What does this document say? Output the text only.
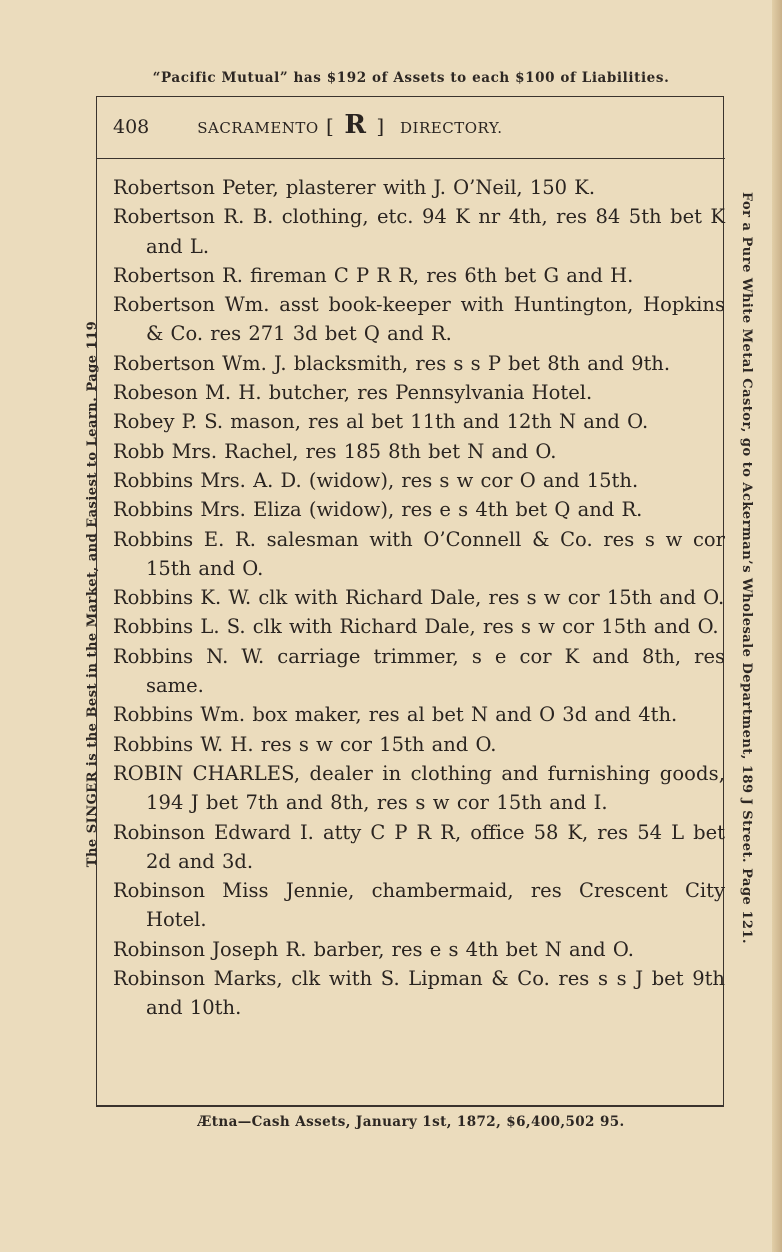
“Pacific Mutual” has $192 of Assets to each $100 of Liabilities.
The SINGER is the Best in the Market, and Easiest to Learn. Page 119	For a Pure White Metal Castor, go to Ackerman’s Wholesale Department, 189 J Street. Page 121.
408	SACRAMENTO [ R ] DIRECTORY.
Robertson Peter, plasterer with J. O’Neil, 150 K.
Robertson R. B. clothing, etc. 94 K nr 4th, res 84 5th bet K and L.
Robertson R. fireman C P R R, res 6th bet G and H.
Robertson Wm. asst book-keeper with Huntington, Hopkins & Co. res 271 3d bet Q and R.
Robertson Wm. J. blacksmith, res s s P bet 8th and 9th.
Robeson M. H. butcher, res Pennsylvania Hotel.
Robey P. S. mason, res al bet 11th and 12th N and O.
Robb Mrs. Rachel, res 185 8th bet N and O.
Robbins Mrs. A. D. (widow), res s w cor O and 15th.
Robbins Mrs. Eliza (widow), res e s 4th bet Q and R.
Robbins E. R. salesman with O’Connell & Co. res s w cor 15th and O.
Robbins K. W. clk with Richard Dale, res s w cor 15th and O.
Robbins L. S. clk with Richard Dale, res s w cor 15th and O.
Robbins N. W. carriage trimmer, s e cor K and 8th, res same.
Robbins Wm. box maker, res al bet N and O 3d and 4th.
Robbins W. H. res s w cor 15th and O.
ROBIN CHARLES, dealer in clothing and furnishing goods, 194 J bet 7th and 8th, res s w cor 15th and I.
Robinson Edward I. atty C P R R, office 58 K, res 54 L bet 2d and 3d.
Robinson Miss Jennie, chambermaid, res Crescent City Hotel.
Robinson Joseph R. barber, res e s 4th bet N and O.
Robinson Marks, clk with S. Lipman & Co. res s s J bet 9th and 10th.
Ætna—Cash Assets, January 1st, 1872, $6,400,502 95.
